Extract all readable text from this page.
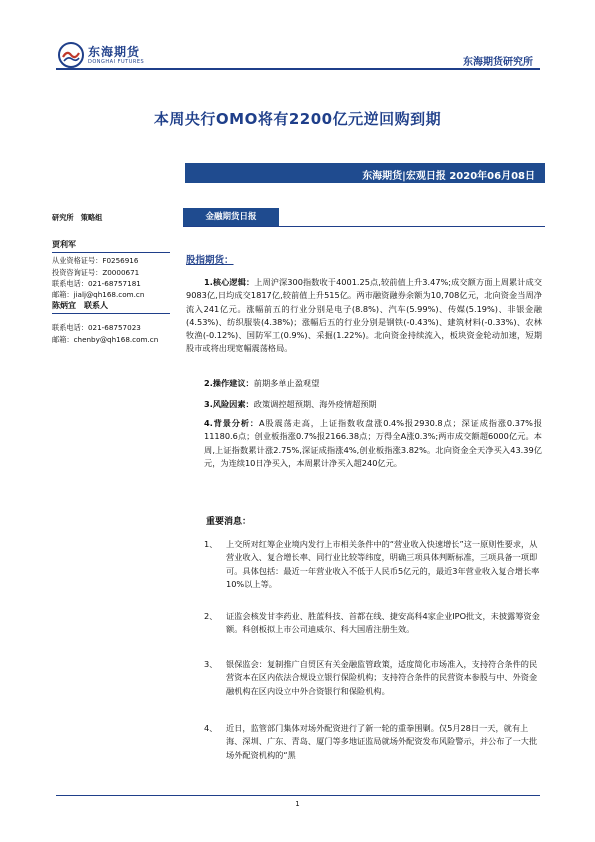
东海期货
DONGHAI FUTURES	东海期货研究所
本周央行OMO将有2200亿元逆回购到期
东海期货|宏观日报 2020年06月08日
研究所　策略组
贾利军
从业资格证号：F0256916
投资咨询证号：Z0000671
联系电话：021-68757181
邮箱：jialj@qh168.com.cn
陈炳宜　联系人
联系电话：021-68757023
邮箱：chenby@qh168.com.cn
金融期货日报
股指期货：
1.核心逻辑：上周沪深300指数收于4001.25点,较前值上升3.47%;成交额方面上周累计成交9083亿,日均成交1817亿,较前值上升515亿。两市融资融券余额为10,708亿元，北向资金当周净流入241亿元。涨幅前五的行业分别是电子(8.8%)、汽车(5.99%)、传媒(5.19%)、非银金融(4.53%)、纺织服装(4.38%)；涨幅后五的行业分别是钢铁(-0.43%)、建筑材料(-0.33%)、农林牧渔(-0.12%)、国防军工(0.9%)、采掘(1.22%)。北向资金持续流入，板块资金轮动加速，短期股市或将出现宽幅震荡格局。
2.操作建议：前期多单止盈观望
3.风险因素：政策调控超预期、海外疫情超预期
4.背景分析：A股震荡走高，上证指数收盘涨0.4%报2930.8点；深证成指涨0.37%报11180.6点；创业板指涨0.7%报2166.38点；万得全A涨0.3%;两市成交额超6000亿元。本周,上证指数累计涨2.75%,深证成指涨4%,创业板指涨3.82%。北向资金全天净买入43.39亿元，为连续10日净买入，本周累计净买入超240亿元。
重要消息：

1、 上交所对红筹企业境内发行上市相关条件中的“营业收入快速增长”这一原则性要求，从营业收入、复合增长率、同行业比较等纬度，明确三项具体判断标准，三项具备一项即可。具体包括：最近一年营业收入不低于人民币5亿元的，最近3年营业收入复合增长率10%以上等。

2、 证监会核发甘李药业、胜蓝科技、首都在线、捷安高科4家企业IPO批文，未披露筹资金额。科创板拟上市公司迪威尔、科大国盾注册生效。

3、 银保监会：复制推广自贸区有关金融监管政策，适度简化市场准入，支持符合条件的民营资本在区内依法合规设立银行保险机构；支持符合条件的民营资本参股与中、外资金融机构在区内设立中外合资银行和保险机构。

4、 近日，监管部门集体对场外配资进行了新一轮的重拳围剿。仅5月28日一天，就有上海、深圳、广东、青岛、厦门等多地证监局就场外配资发布风险警示，并公布了一大批场外配资机构的“黑

1
